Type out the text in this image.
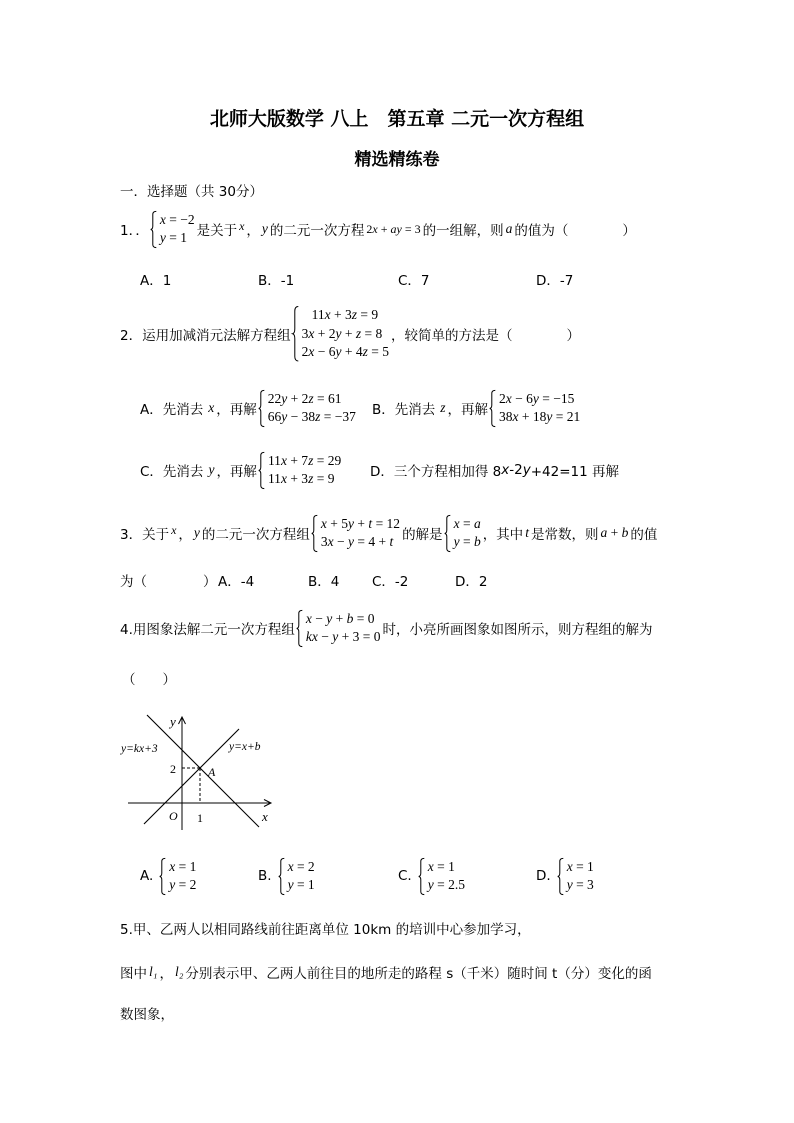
北师大版数学 八上　第五章 二元一次方程组
精选精练卷
一．选择题（共 30分）
1．．
x = −2
y = 1 是关于 x ， y 的二元一次方程 2x + ay = 3 的一组解，则 a 的值为（　　　　）
A．1	B．-1	C．7	D．-7
2．运用加减消元法解方程组
11x + 3z = 9
3x + 2y + z = 8
2x − 6y + 4z = 5
，较简单的方法是（　　　　）
A．先消去 x ，再解
22y + 2z = 61
66y − 38z = −37 B．先消去 z ，再解
2x − 6y = −15
38x + 18y = 21
C．先消去 y ，再解
11x + 7z = 29
11x + 3z = 9	D．三个方程相加得 8 x -2 y +42=11 再解
3．关于 x ， y 的二元一次方程组
x + 5y + t = 12
3x − y = 4 + t 的解是
x = a
y = b ，其中 t 是常数，则 a + b 的值
为（	） A．-4	B．4 C．-2	D．2
4.用图象法解二元一次方程组
x − y + b = 0
kx − y + 3 = 0 时，小亮所画图象如图所示，则方程组的解为
（　　）
y
x
O 1
2	A
y=kx+3	y=x+b
A.
x = 1
y = 2
B.
x = 2
y = 1
C.
x = 1
y = 2.5
D.
x = 1
y = 3
5.甲、乙两人以相同路线前往距离单位 10km 的培训中心参加学习，
图中 l₁ ， l₂ 分别表示甲、乙两人前往目的地所走的路程 s（千米）随时间 t（分）变化的函
数图象，
